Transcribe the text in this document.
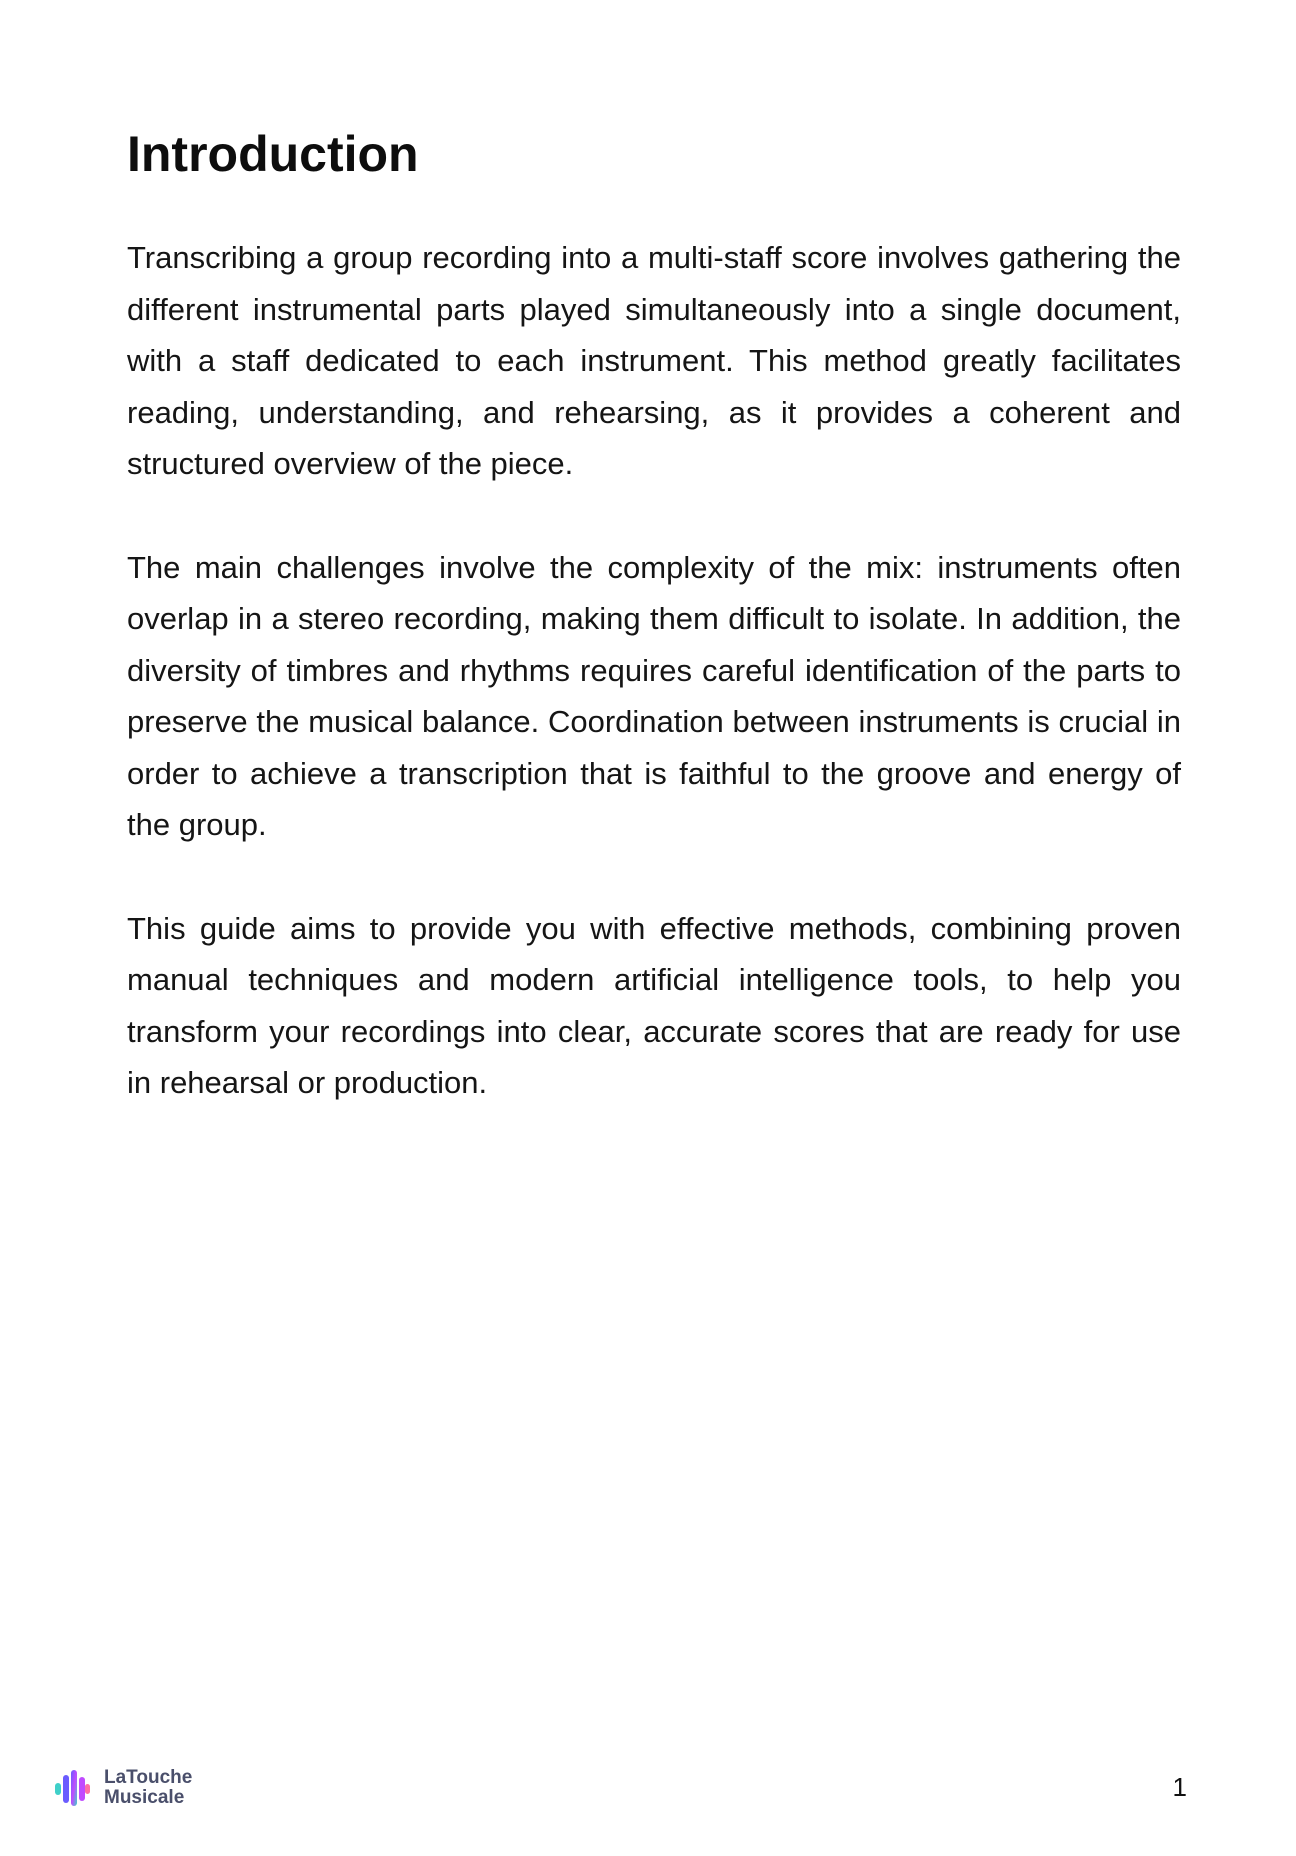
Introduction

Transcribing a group recording into a multi-staff score involves gathering the different instrumental parts played simultaneously into a single document, with a staff dedicated to each instrument. This method greatly facilitates reading, understanding, and rehearsing, as it provides a coherent and structured overview of the piece.

The main challenges involve the complexity of the mix: instruments often overlap in a stereo recording, making them difficult to isolate. In addition, the diversity of timbres and rhythms requires careful identification of the parts to preserve the musical balance. Coordination between instruments is crucial in order to achieve a transcription that is faithful to the groove and energy of the group.

This guide aims to provide you with effective methods, combining proven manual techniques and modern artificial intelligence tools, to help you transform your recordings into clear, accurate scores that are ready for use in rehearsal or production.

LaTouche
Musicale	1
